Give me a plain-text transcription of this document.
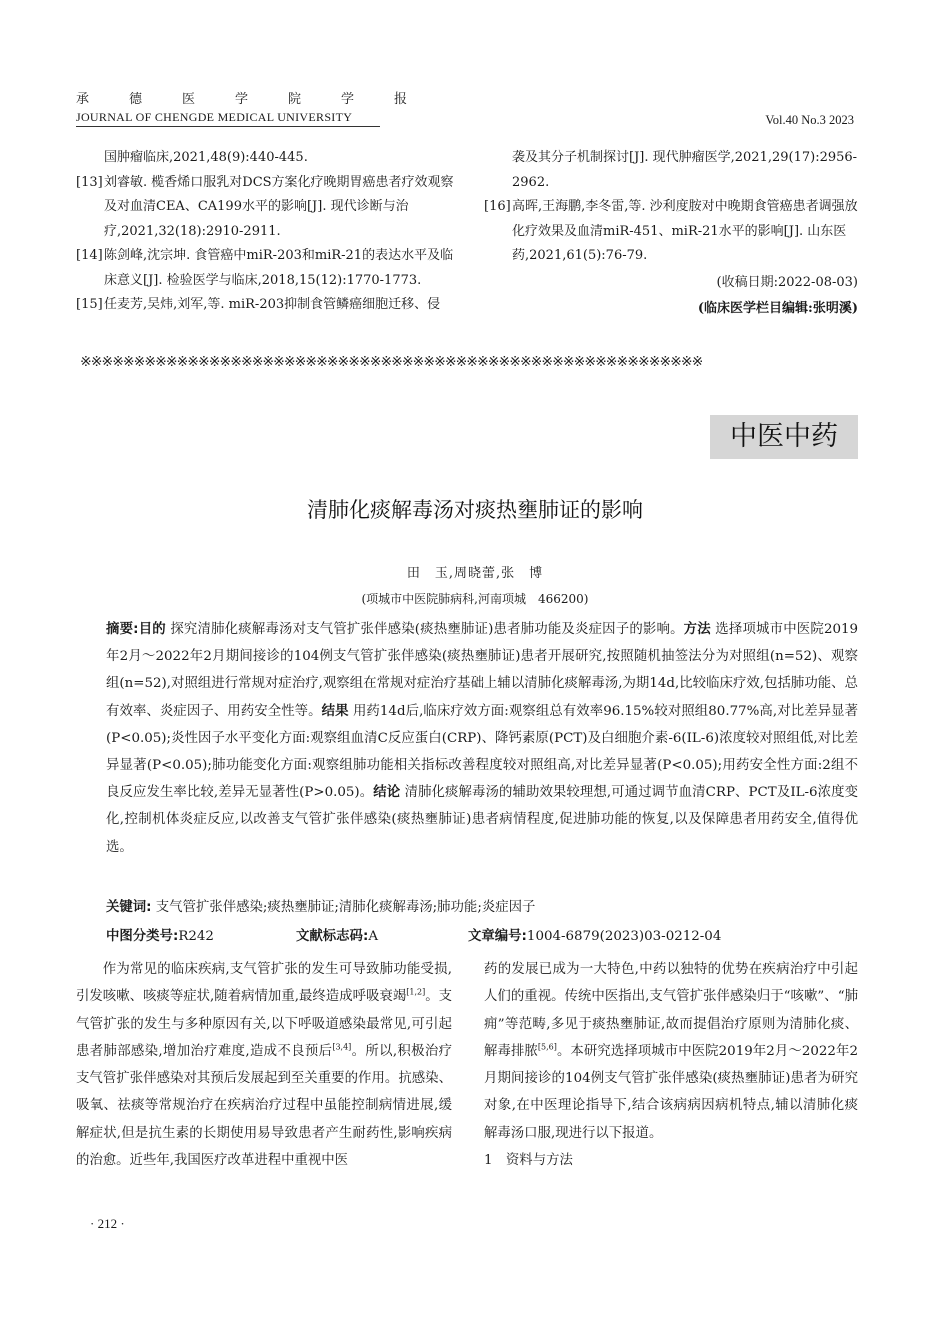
承德医学院学报
JOURNAL OF CHENGDE MEDICAL UNIVERSITY	Vol.40 No.3 2023
国肿瘤临床,2021,48(9):440-445.
[13] 刘睿敏. 榄香烯口服乳对DCS方案化疗晚期胃癌患者疗效观察及对血清CEA、CA199水平的影响[J]. 现代诊断与治疗,2021,32(18):2910-2911.
[14] 陈剑峰,沈宗坤. 食管癌中miR-203和miR-21的表达水平及临床意义[J]. 检验医学与临床,2018,15(12):1770-1773.
[15] 任麦芳,吴炜,刘军,等. miR-203抑制食管鳞癌细胞迁移、侵
袭及其分子机制探讨[J]. 现代肿瘤医学,2021,29(17):2956-2962.
[16] 高晖,王海鹏,李冬雷,等. 沙利度胺对中晚期食管癌患者调强放化疗效果及血清miR-451、miR-21水平的影响[J]. 山东医药,2021,61(5):76-79.
(收稿日期:2022-08-03)
(临床医学栏目编辑:张明溪)
※※※※※※※※※※※※※※※※※※※※※※※※※※※※※※※※※※※※※※※※※※※※※※※※※※※※※※※※※※
中医中药
清肺化痰解毒汤对痰热壅肺证的影响
田　玉,周晓蕾,张　博
(项城市中医院肺病科,河南项城　466200)
摘要:目的 探究清肺化痰解毒汤对支气管扩张伴感染(痰热壅肺证)患者肺功能及炎症因子的影响。方法 选择项城市中医院2019年2月～2022年2月期间接诊的104例支气管扩张伴感染(痰热壅肺证)患者开展研究,按照随机抽签法分为对照组(n=52)、观察组(n=52),对照组进行常规对症治疗,观察组在常规对症治疗基础上辅以清肺化痰解毒汤,为期14d,比较临床疗效,包括肺功能、总有效率、炎症因子、用药安全性等。结果 用药14d后,临床疗效方面:观察组总有效率96.15%较对照组80.77%高,对比差异显著(P<0.05);炎性因子水平变化方面:观察组血清C反应蛋白(CRP)、降钙素原(PCT)及白细胞介素-6(IL-6)浓度较对照组低,对比差异显著(P<0.05);肺功能变化方面:观察组肺功能相关指标改善程度较对照组高,对比差异显著(P<0.05);用药安全性方面:2组不良反应发生率比较,差异无显著性(P>0.05)。结论 清肺化痰解毒汤的辅助效果较理想,可通过调节血清CRP、PCT及IL-6浓度变化,控制机体炎症反应,以改善支气管扩张伴感染(痰热壅肺证)患者病情程度,促进肺功能的恢复,以及保障患者用药安全,值得优选。
关键词: 支气管扩张伴感染;痰热壅肺证;清肺化痰解毒汤;肺功能;炎症因子
中图分类号:R242	文献标志码:A	文章编号:1004-6879(2023)03-0212-04
作为常见的临床疾病,支气管扩张的发生可导致肺功能受损,引发咳嗽、咳痰等症状,随着病情加重,最终造成呼吸衰竭[1,2]。支气管扩张的发生与多种原因有关,以下呼吸道感染最常见,可引起患者肺部感染,增加治疗难度,造成不良预后[3,4]。所以,积极治疗支气管扩张伴感染对其预后发展起到至关重要的作用。抗感染、吸氧、祛痰等常规治疗在疾病治疗过程中虽能控制病情进展,缓解症状,但是抗生素的长期使用易导致患者产生耐药性,影响疾病的治愈。近些年,我国医疗改革进程中重视中医
药的发展已成为一大特色,中药以独特的优势在疾病治疗中引起人们的重视。传统中医指出,支气管扩张伴感染归于“咳嗽”、“肺痈”等范畴,多见于痰热壅肺证,故而提倡治疗原则为清肺化痰、解毒排脓[5,6]。本研究选择项城市中医院2019年2月～2022年2月期间接诊的104例支气管扩张伴感染(痰热壅肺证)患者为研究对象,在中医理论指导下,结合该病病因病机特点,辅以清肺化痰解毒汤口服,现进行以下报道。
1　资料与方法
· 212 ·
